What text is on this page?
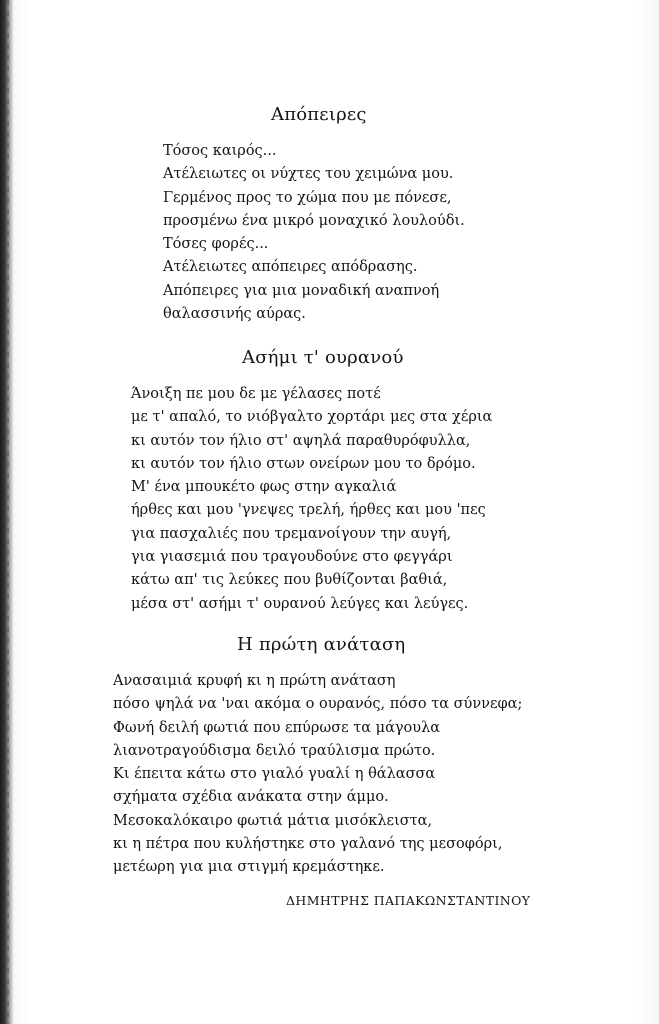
Απόπειρες
Τόσος καιρός...
Ατέλειωτες οι νύχτες του χειμώνα μου.
Γερμένος προς το χώμα που με πόνεσε,
προσμένω ένα μικρό μοναχικό λουλούδι.
Τόσες φορές...
Ατέλειωτες απόπειρες απόδρασης.
Απόπειρες για μια μοναδική αναπνοή
θαλασσινής αύρας.
Ασήμι τ' ουρανού
Άνοιξη πε μου δε με γέλασες ποτέ
με τ' απαλό, το νιόβγαλτο χορτάρι μες στα χέρια
κι αυτόν τον ήλιο στ' αψηλά παραθυρόφυλλα,
κι αυτόν τον ήλιο στων ονείρων μου το δρόμο.
Μ' ένα μπουκέτο φως στην αγκαλιά
ήρθες και μου 'γνεψες τρελή, ήρθες και μου 'πες
για πασχαλιές που τρεμανοίγουν την αυγή,
για γιασεμιά που τραγουδούνε στο φεγγάρι
κάτω απ' τις λεύκες που βυθίζονται βαθιά,
μέσα στ' ασήμι τ' ουρανού λεύγες και λεύγες.
Η πρώτη ανάταση
Ανασαιμιά κρυφή κι η πρώτη ανάταση
πόσο ψηλά να 'ναι ακόμα ο ουρανός, πόσο τα σύννεφα;
Φωνή δειλή φωτιά που επύρωσε τα μάγουλα
λιανοτραγούδισμα δειλό τραύλισμα πρώτο.
Κι έπειτα κάτω στο γιαλό γυαλί η θάλασσα
σχήματα σχέδια ανάκατα στην άμμο.
Μεσοκαλόκαιρο φωτιά μάτια μισόκλειστα,
κι η πέτρα που κυλήστηκε στο γαλανό της μεσοφόρι,
μετέωρη για μια στιγμή κρεμάστηκε.
ΔΗΜΗΤΡΗΣ ΠΑΠΑΚΩΝΣΤΑΝΤΙΝΟΥ
